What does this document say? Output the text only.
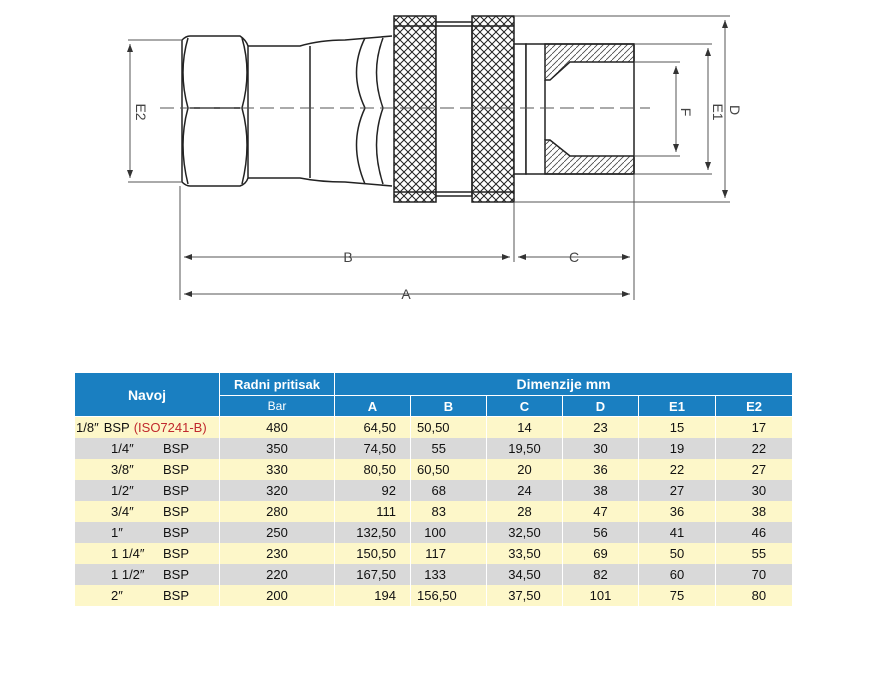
E2	F E1 D
B	C
A
Navoj	Radni pritisak	Dimenzije mm					
	Bar	A	B	C	D	E1	E2
1/8″ BSP (ISO7241-B)	480	64,50	50,50	14	23	15	17
1/4″ BSP	350	74,50	55	19,50	30	19	22
3/8″ BSP	330	80,50	60,50	20	36	22	27
1/2″ BSP	320	92	68	24	38	27	30
3/4″ BSP	280	111	83	28	47	36	38
1″ BSP	250	132,50	100	32,50	56	41	46
1 1/4″ BSP	230	150,50	117	33,50	69	50	55
1 1/2″ BSP	220	167,50	133	34,50	82	60	70
2″ BSP	200	194	156,50	37,50	101	75	80
